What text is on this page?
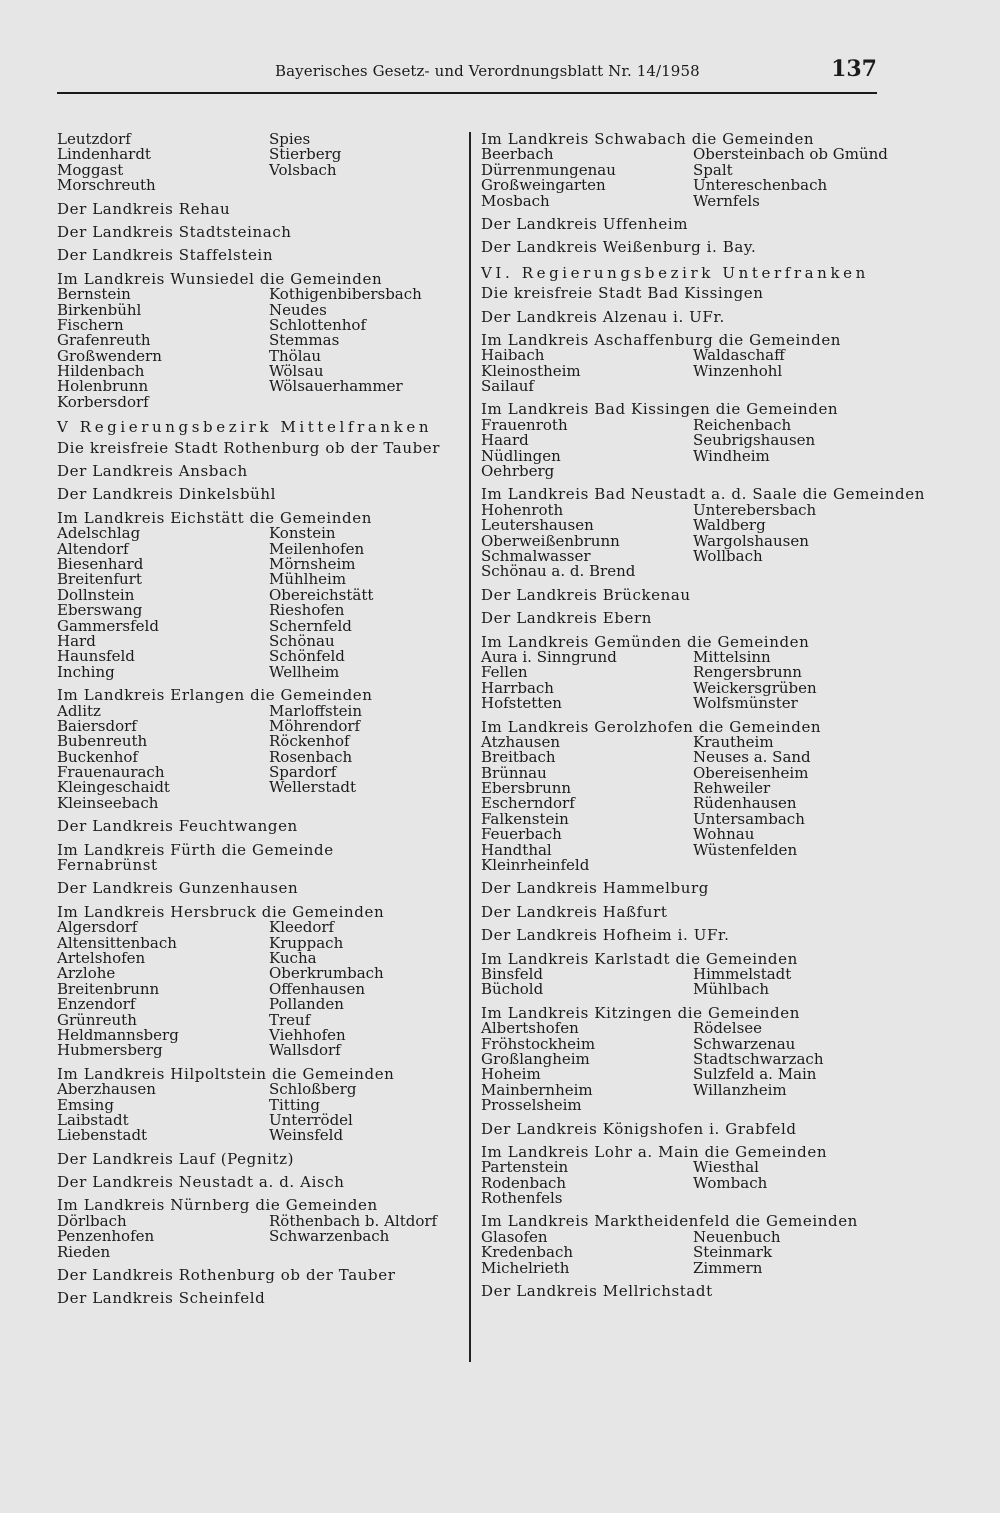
Bayerisches Gesetz- und Verordnungsblatt Nr. 14/1958	137
Leutzdorf	Spies
Lindenhardt	Stierberg
Moggast	Volsbach
Morschreuth
Der Landkreis Rehau
Der Landkreis Stadtsteinach
Der Landkreis Staffelstein
Im Landkreis Wunsiedel die Gemeinden
Bernstein	Kothigenbibersbach
Birkenbühl	Neudes
Fischern	Schlottenhof
Grafenreuth	Stemmas
Großwendern	Thölau
Hildenbach	Wölsau
Holenbrunn	Wölsauerhammer
Korbersdorf
V Regierungsbezirk Mittelfranken
Die kreisfreie Stadt Rothenburg ob der Tauber
Der Landkreis Ansbach
Der Landkreis Dinkelsbühl
Im Landkreis Eichstätt die Gemeinden
Adelschlag	Konstein
Altendorf	Meilenhofen
Biesenhard	Mörnsheim
Breitenfurt	Mühlheim
Dollnstein	Obereichstätt
Eberswang	Rieshofen
Gammersfeld	Schernfeld
Hard	Schönau
Haunsfeld	Schönfeld
Inching	Wellheim
Im Landkreis Erlangen die Gemeinden
Adlitz	Marloffstein
Baiersdorf	Möhrendorf
Bubenreuth	Röckenhof
Buckenhof	Rosenbach
Frauenaurach	Spardorf
Kleingeschaidt	Wellerstadt
Kleinseebach
Der Landkreis Feuchtwangen
Im Landkreis Fürth die Gemeinde
Fernabrünst
Der Landkreis Gunzenhausen
Im Landkreis Hersbruck die Gemeinden
Algersdorf	Kleedorf
Altensittenbach	Kruppach
Artelshofen	Kucha
Arzlohe	Oberkrumbach
Breitenbrunn	Offenhausen
Enzendorf	Pollanden
Grünreuth	Treuf
Heldmannsberg	Viehhofen
Hubmersberg	Wallsdorf
Im Landkreis Hilpoltstein die Gemeinden
Aberzhausen	Schloßberg
Emsing	Titting
Laibstadt	Unterrödel
Liebenstadt	Weinsfeld
Der Landkreis Lauf (Pegnitz)
Der Landkreis Neustadt a. d. Aisch
Im Landkreis Nürnberg die Gemeinden
Dörlbach	Röthenbach b. Altdorf
Penzenhofen	Schwarzenbach
Rieden
Der Landkreis Rothenburg ob der Tauber
Der Landkreis Scheinfeld
Im Landkreis Schwabach die Gemeinden
Beerbach	Obersteinbach ob Gmünd
Dürrenmungenau	Spalt
Großweingarten	Untereschenbach
Mosbach	Wernfels
Der Landkreis Uffenheim
Der Landkreis Weißenburg i. Bay.
VI. Regierungsbezirk Unterfranken
Die kreisfreie Stadt Bad Kissingen
Der Landkreis Alzenau i. UFr.
Im Landkreis Aschaffenburg die Gemeinden
Haibach	Waldaschaff
Kleinostheim	Winzenhohl
Sailauf
Im Landkreis Bad Kissingen die Gemeinden
Frauenroth	Reichenbach
Haard	Seubrigshausen
Nüdlingen	Windheim
Oehrberg
Im Landkreis Bad Neustadt a. d. Saale die Gemeinden
Hohenroth	Unterebersbach
Leutershausen	Waldberg
Oberweißenbrunn	Wargolshausen
Schmalwasser	Wollbach
Schönau a. d. Brend
Der Landkreis Brückenau
Der Landkreis Ebern
Im Landkreis Gemünden die Gemeinden
Aura i. Sinngrund	Mittelsinn
Fellen	Rengersbrunn
Harrbach	Weickersgrüben
Hofstetten	Wolfsmünster
Im Landkreis Gerolzhofen die Gemeinden
Atzhausen	Krautheim
Breitbach	Neuses a. Sand
Brünnau	Obereisenheim
Ebersbrunn	Rehweiler
Escherndorf	Rüdenhausen
Falkenstein	Untersambach
Feuerbach	Wohnau
Handthal	Wüstenfelden
Kleinrheinfeld
Der Landkreis Hammelburg
Der Landkreis Haßfurt
Der Landkreis Hofheim i. UFr.
Im Landkreis Karlstadt die Gemeinden
Binsfeld	Himmelstadt
Büchold	Mühlbach
Im Landkreis Kitzingen die Gemeinden
Albertshofen	Rödelsee
Fröhstockheim	Schwarzenau
Großlangheim	Stadtschwarzach
Hoheim	Sulzfeld a. Main
Mainbernheim	Willanzheim
Prosselsheim
Der Landkreis Königshofen i. Grabfeld
Im Landkreis Lohr a. Main die Gemeinden
Partenstein	Wiesthal
Rodenbach	Wombach
Rothenfels
Im Landkreis Marktheidenfeld die Gemeinden
Glasofen	Neuenbuch
Kredenbach	Steinmark
Michelrieth	Zimmern
Der Landkreis Mellrichstadt
